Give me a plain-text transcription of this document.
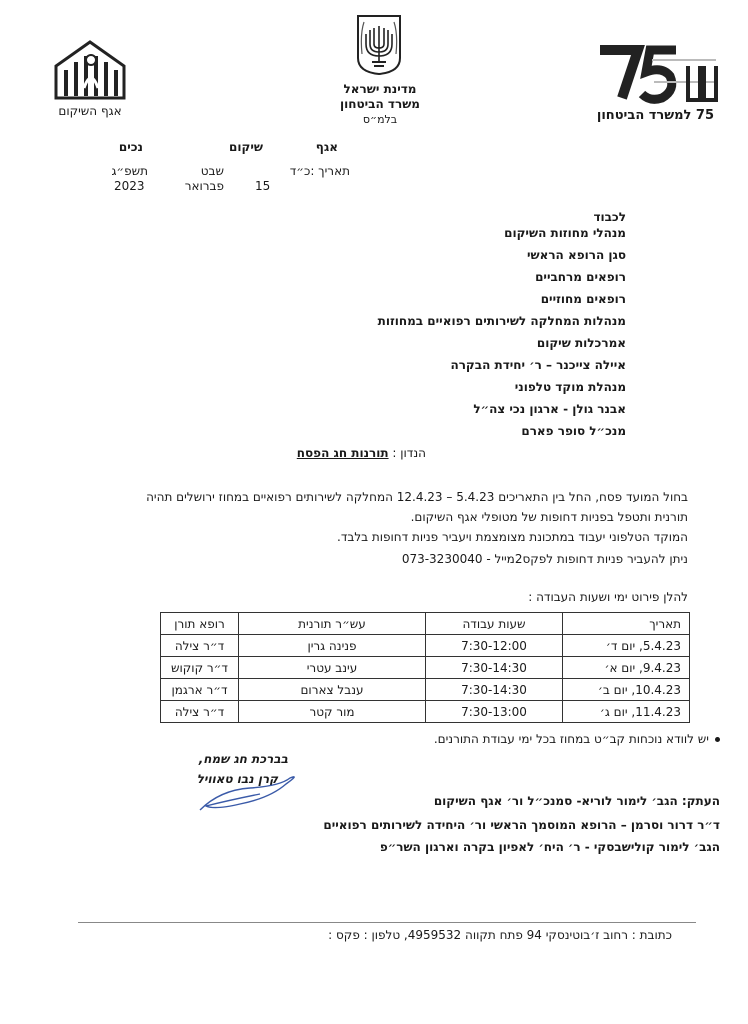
מדינת ישראל
משרד הביטחון
בלמ״ס	75 למשרד הביטחון
אגף השיקום
אגף
שיקום
נכים
תאריך :כ״ד
שבט
תשפ״ג
15
פברואר
2023
לכבוד
מנהלי מחוזות השיקום
סגן הרופא הראשי
רופאים מרחביים
רופאים מחוזיים
מנהלות המחלקה לשירותים רפואיים במחוזות
אמרכלות שיקום
איילה צייכנר – ר׳ יחידת הבקרה
מנהלת מוקד טלפוני
אבנר גולן - ארגון נכי צה״ל
מנכ״ל סופר פארם
הנדון : תורנות חג הפסח
בחול המועד פסח, החל בין התאריכים 5.4.23 – 12.4.23 המחלקה לשירותים רפואיים במחוז ירושלים תהיה
תורנית ותטפל בפניות דחופות של מטופלי אגף השיקום.
המוקד הטלפוני יעבוד במתכונת מצומצמת ויעביר פניות דחופות בלבד.
ניתן להעביר פניות דחופות לפקס2מייל - 073-3230040
להלן פירוט ימי ושעות העבודה :
תאריך	שעות עבודה	עש״ר תורנית	רופא תורן
5.4.23, יום ד׳	7:30-12:00	פנינה גרין	ד״ר צילה
9.4.23, יום א׳	7:30-14:30	עינב עטרי	ד״ר קוקוש
10.4.23, יום ב׳	7:30-14:30	ענבל צארום	ד״ר ארגמן
11.4.23, יום ג׳	7:30-13:00	מור קטר	ד״ר צילה
יש לוודא נוכחות קב״ט במחוז בכל ימי עבודת התורנים.
בברכת חג שמח,
קרן נבו טאוויל
העתק: הגב׳ לימור לוריא- סמנכ״ל ור׳ אגף השיקום
ד״ר דרור וסרמן – הרופא המוסמך הראשי ור׳ היחידה לשירותים רפואיים
הגב׳ לימור קולישבסקי - ר׳ היח׳ לאפיון בקרה וארגון השר״פ
כתובת : רחוב ז׳בוטינסקי 94 פתח תקווה 4959532, טלפון : פקס :
